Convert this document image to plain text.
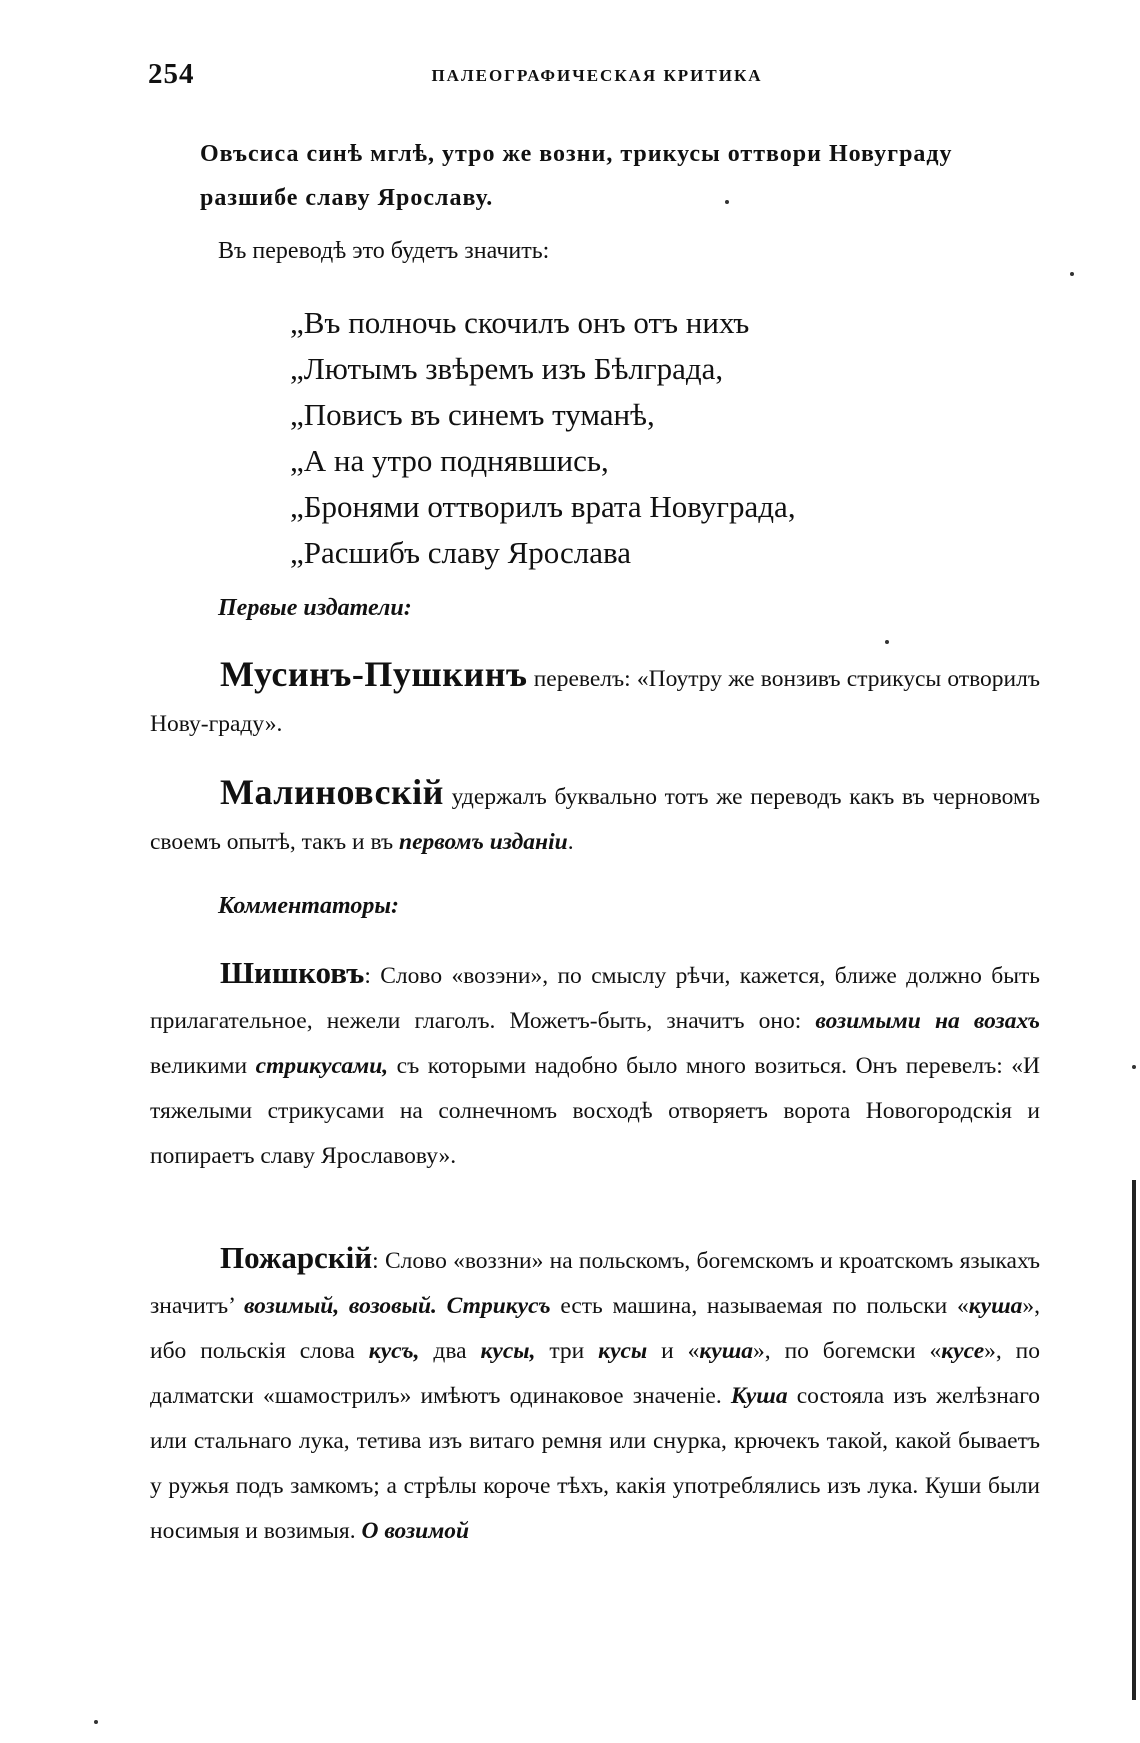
254	ПАЛЕОГРАФИЧЕСКАЯ КРИТИКА
Овъсиса синѣ мглѣ, утро же возни, трикусы оттвори Новуграду
разшибе славу Ярославу.
Въ переводѣ это будетъ значить:
„Въ полночь скочилъ онъ отъ нихъ
„Лютымъ звѣремъ изъ Бѣлграда,
„Повисъ въ синемъ туманѣ,
„А на утро поднявшись,
„Бронями оттворилъ врата Новуграда,
„Расшибъ славу Ярослава
Первые издатели:
Мусинъ-Пушкинъ перевелъ: «Поутру же вонзивъ стрикусы отворилъ Нову-граду».
Малиновскій удержалъ буквально тотъ же переводъ какъ въ черновомъ своемъ опытѣ, такъ и въ первомъ изданіи.
Комментаторы:
Шишковъ: Слово «возэни», по смыслу рѣчи, кажется, ближе должно быть прилагательное, нежели глаголъ. Можетъ-быть, значитъ оно: возимыми на возахъ великими стрикусами, съ которыми надобно было много возиться. Онъ перевелъ: «И тяжелыми стрикусами на солнечномъ восходѣ отворяетъ ворота Новогородскія и попираетъ славу Ярославову».
Пожарскій: Слово «воззни» на польскомъ, богемскомъ и кроатскомъ языкахъ значитъ’ возимый, возовый. Стрикусъ есть машина, называемая по польски «куша», ибо польскія слова кусъ, два кусы, три кусы и «куша», по богемски «кусе», по далматски «шамострилъ» имѣютъ одинаковое значеніе. Куша состояла изъ желѣзнаго или стальнаго лука, тетива изъ витаго ремня или снурка, крючекъ такой, какой бываетъ у ружья подъ замкомъ; а стрѣлы короче тѣхъ, какія употреблялись изъ лука. Куши были носимыя и возимыя. О возимой
